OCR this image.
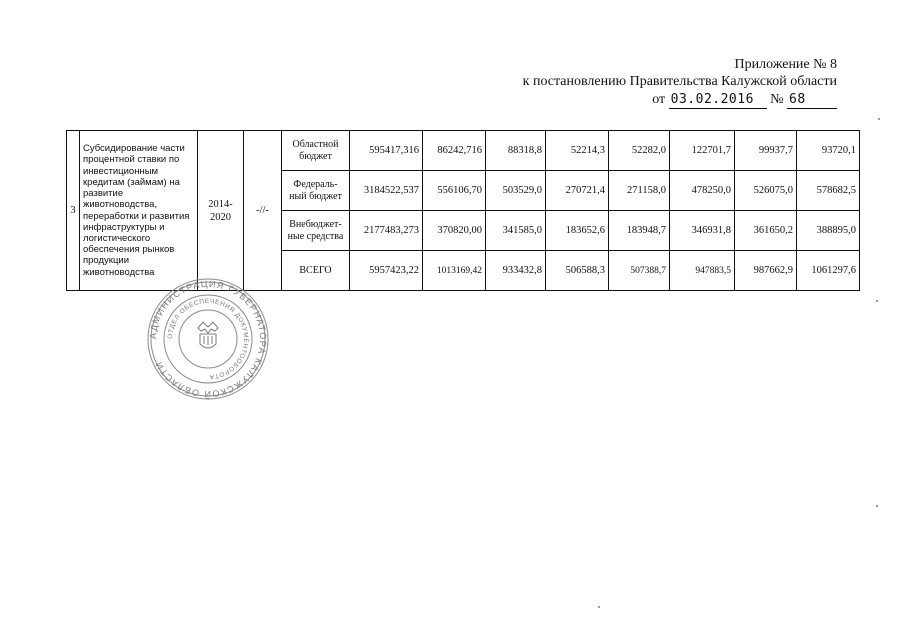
Приложение № 8
к постановлению Правительства Калужской области
от 03.02.2016 № 68
3	Субсидирование части процентной ставки по инвестиционным кредитам (займам) на развитие животноводства, переработки и развития инфраструктуры и логистического обеспечения рынков продукции животноводства	2014-2020	-//-	Областной бюджет	595417,316	86242,716	88318,8	52214,3	52282,0	122701,7	99937,7	93720,1
				Федераль-ный бюджет	3184522,537	556106,70	503529,0	270721,4	271158,0	478250,0	526075,0	578682,5
				Внебюджет-ные средства	2177483,273	370820,00	341585,0	183652,6	183948,7	346931,8	361650,2	388895,0
				ВСЕГО	5957423,22	1013169,42	933432,8	506588,3	507388,7	947883,5	987662,9	1061297,6
АДМИНИСТРАЦИЯ ГУБЕРНАТОРА КАЛУЖСКОЙ ОБЛАСТИ
ОТДЕЛ ОБЕСПЕЧЕНИЯ ДОКУМЕНТООБОРОТА
